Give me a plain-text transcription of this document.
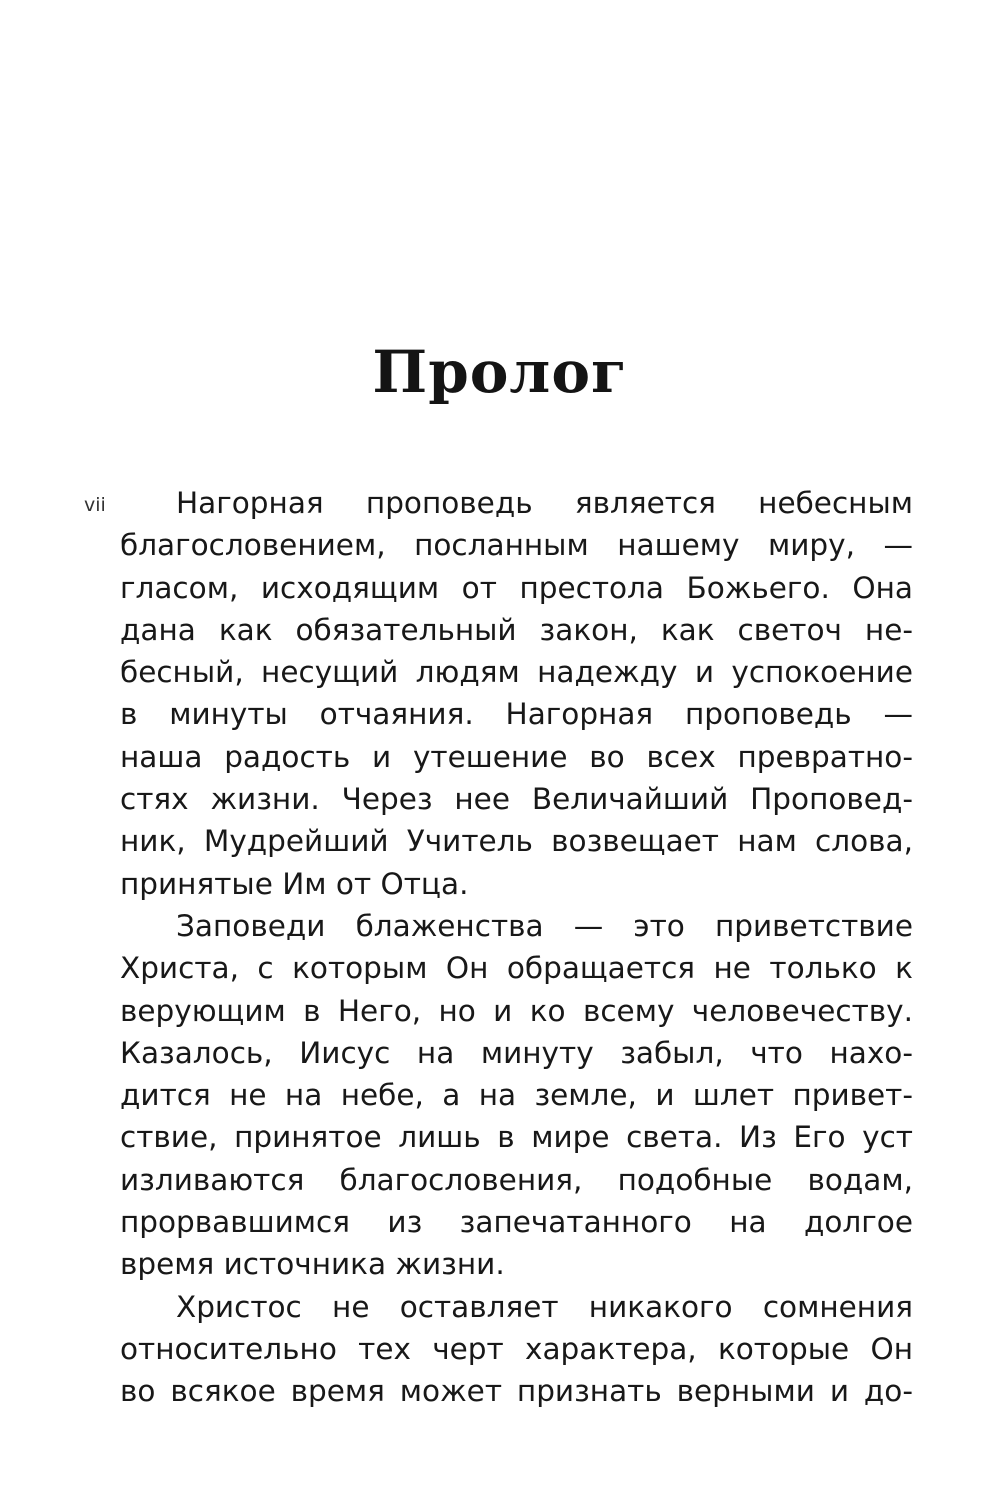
Пролог
vii	Нагорная проповедь является небесным
благословением, посланным нашему миру, —
гласом, исходящим от престола Божьего. Она
дана как обязательный закон, как светоч не-
бесный, несущий людям надежду и успокоение
в минуты отчаяния. Нагорная проповедь —
наша радость и утешение во всех превратно-
стях жизни. Через нее Величайший Проповед-
ник, Мудрейший Учитель возвещает нам слова,
принятые Им от Отца.
Заповеди блаженства — это приветствие
Христа, с которым Он обращается не только к
верующим в Него, но и ко всему человечеству.
Казалось, Иисус на минуту забыл, что нахо-
дится не на небе, а на земле, и шлет привет-
ствие, принятое лишь в мире света. Из Его уст
изливаются благословения, подобные водам,
прорвавшимся из запечатанного на долгое
время источника жизни.
Христос не оставляет никакого сомнения
относительно тех черт характера, которые Он
во всякое время может признать верными и до-
